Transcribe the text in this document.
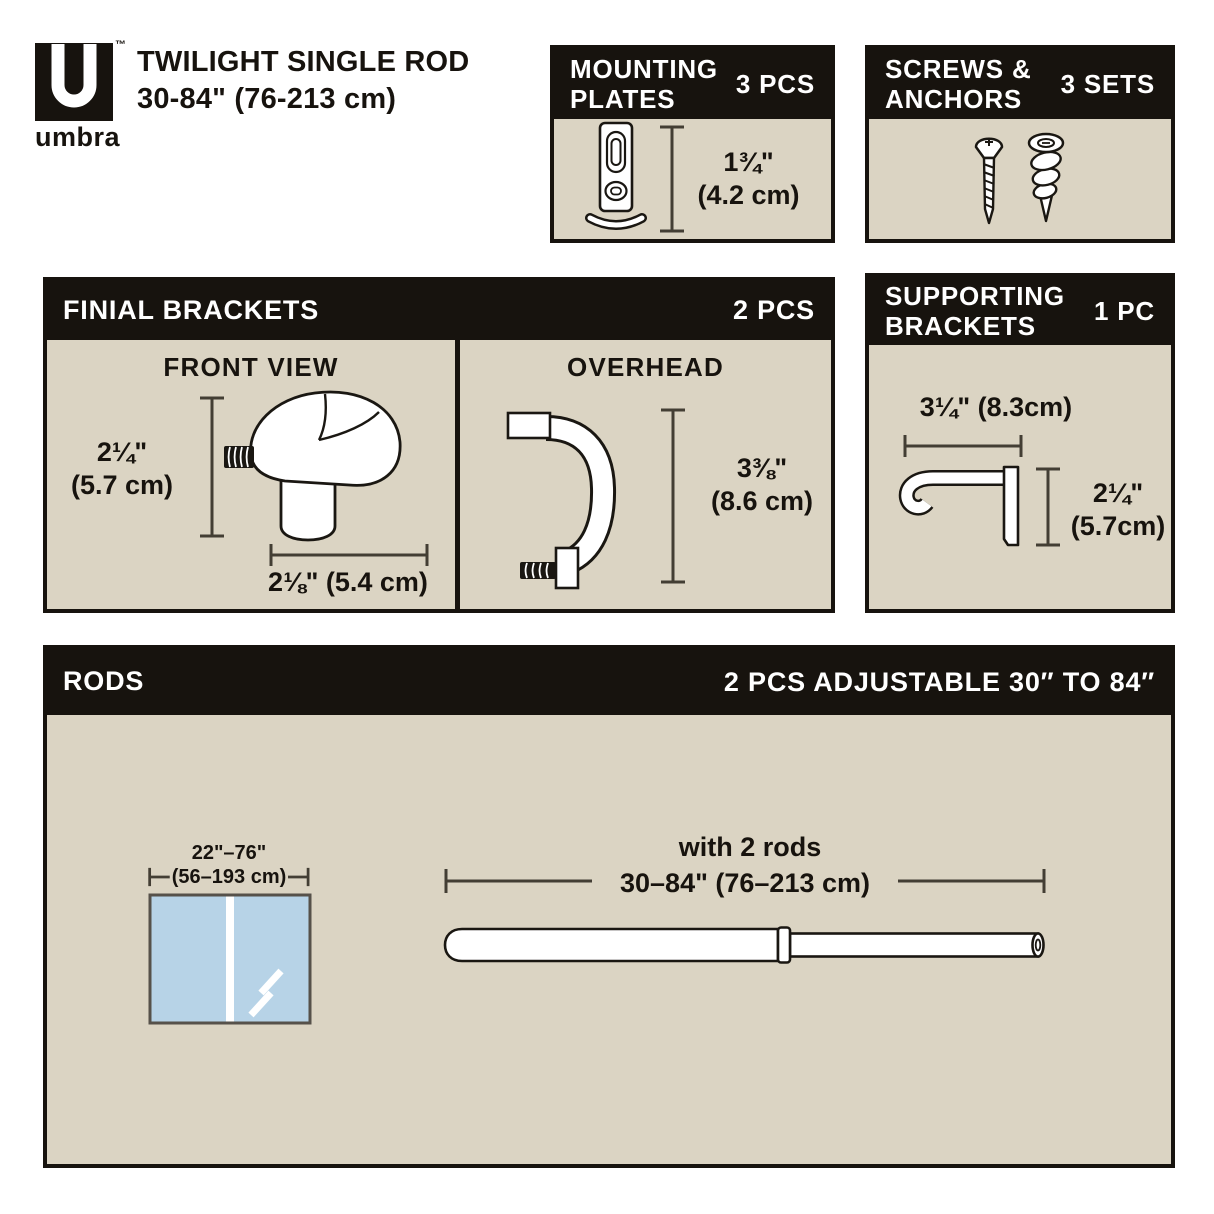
™
umbra
TWILIGHT SINGLE ROD
30-84" (76-213 cm)
MOUNTING PLATES
3 PCS
1¾"
(4.2 cm)
SCREWS & ANCHORS
3 SETS
FINIAL BRACKETS	2 PCS
FRONT VIEW
2¼"
(5.7 cm)
2⅛" (5.4 cm)
OVERHEAD
3⅜"
(8.6 cm)
SUPPORTING BRACKETS
1 PC
3¼" (8.3cm)
2¼"
(5.7cm)
RODS	2 PCS ADJUSTABLE 30″ TO 84″
22"–76"
(56–193 cm)
with 2 rods
30–84" (76–213 cm)
